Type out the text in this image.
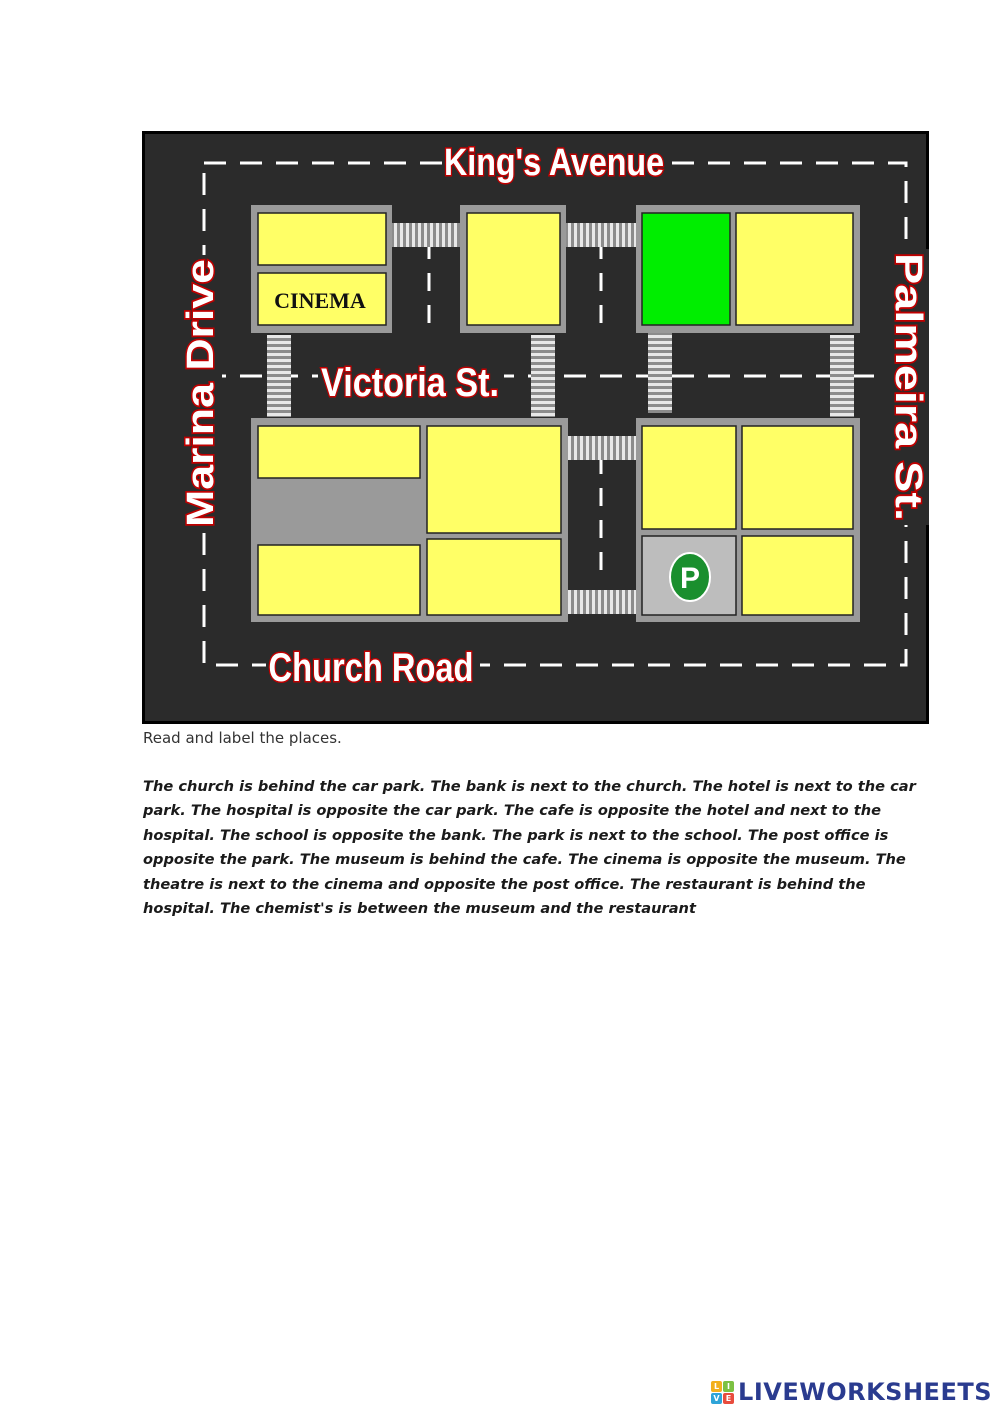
CINEMA
P
King's Avenue
Victoria St.
Church Road
Marina Drive	Palmeira St.
Read and label the places.

The church is behind the car park. The bank is next to the church. The hotel is next to the car park. The hospital is opposite the car park. The cafe is opposite the hotel and next to the hospital. The school is opposite the bank. The park is next to the school. The post office is opposite the park. The museum is behind the cafe. The cinema is opposite the museum. The theatre is next to the cinema and opposite the post office. The restaurant is behind the hospital. The chemist's is between the museum and the restaurant

L I
V E LIVEWORKSHEETS
